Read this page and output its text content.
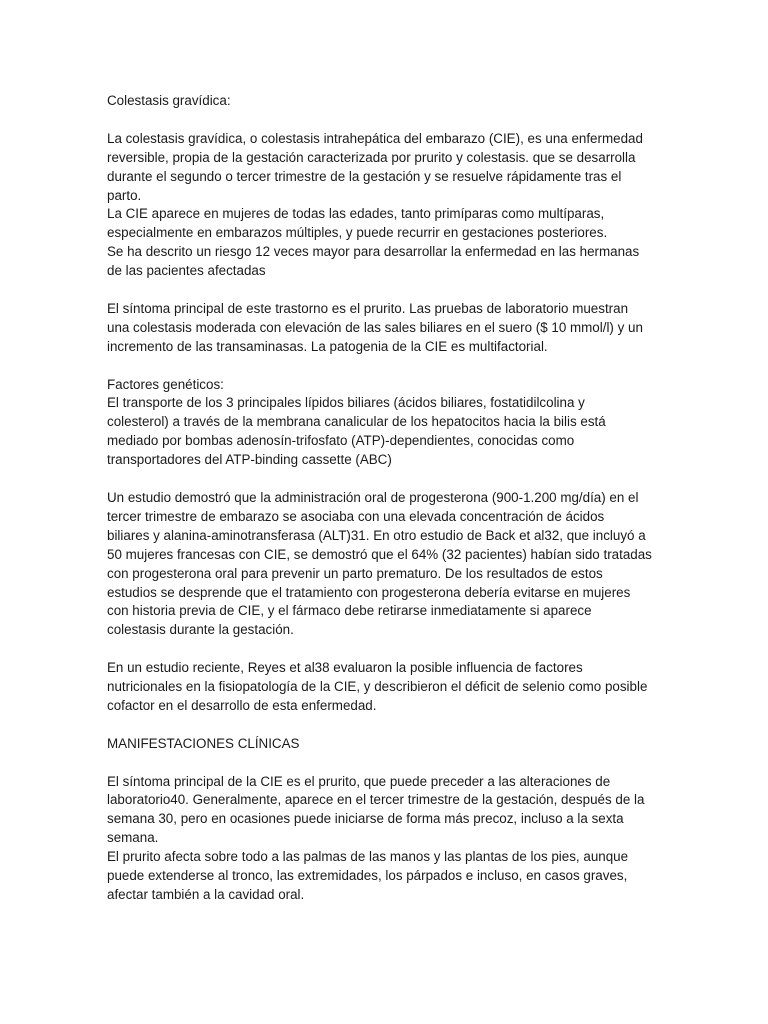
Colestasis gravídica:
La colestasis gravídica, o colestasis intrahepática del embarazo (CIE), es una enfermedad
reversible, propia de la gestación caracterizada por prurito y colestasis. que se desarrolla
durante el segundo o tercer trimestre de la gestación y se resuelve rápidamente tras el
parto.
La CIE aparece en mujeres de todas las edades, tanto primíparas como multíparas,
especialmente en embarazos múltiples, y puede recurrir en gestaciones posteriores.
Se ha descrito un riesgo 12 veces mayor para desarrollar la enfermedad en las hermanas
de las pacientes afectadas
El síntoma principal de este trastorno es el prurito. Las pruebas de laboratorio muestran
una colestasis moderada con elevación de las sales biliares en el suero ($ 10 mmol/l) y un
incremento de las transaminasas. La patogenia de la CIE es multifactorial.
Factores genéticos:
El transporte de los 3 principales lípidos biliares (ácidos biliares, fostatidilcolina y
colesterol) a través de la membrana canalicular de los hepatocitos hacia la bilis está
mediado por bombas adenosín-trifosfato (ATP)-dependientes, conocidas como
transportadores del ATP-binding cassette (ABC)
Un estudio demostró que la administración oral de progesterona (900-1.200 mg/día) en el
tercer trimestre de embarazo se asociaba con una elevada concentración de ácidos
biliares y alanina-aminotransferasa (ALT)31. En otro estudio de Back et al32, que incluyó a
50 mujeres francesas con CIE, se demostró que el 64% (32 pacientes) habían sido tratadas
con progesterona oral para prevenir un parto prematuro. De los resultados de estos
estudios se desprende que el tratamiento con progesterona debería evitarse en mujeres
con historia previa de CIE, y el fármaco debe retirarse inmediatamente si aparece
colestasis durante la gestación.
En un estudio reciente, Reyes et al38 evaluaron la posible influencia de factores
nutricionales en la fisiopatología de la CIE, y describieron el déficit de selenio como posible
cofactor en el desarrollo de esta enfermedad.
MANIFESTACIONES CLÍNICAS
El síntoma principal de la CIE es el prurito, que puede preceder a las alteraciones de
laboratorio40. Generalmente, aparece en el tercer trimestre de la gestación, después de la
semana 30, pero en ocasiones puede iniciarse de forma más precoz, incluso a la sexta
semana.
El prurito afecta sobre todo a las palmas de las manos y las plantas de los pies, aunque
puede extenderse al tronco, las extremidades, los párpados e incluso, en casos graves,
afectar también a la cavidad oral.
